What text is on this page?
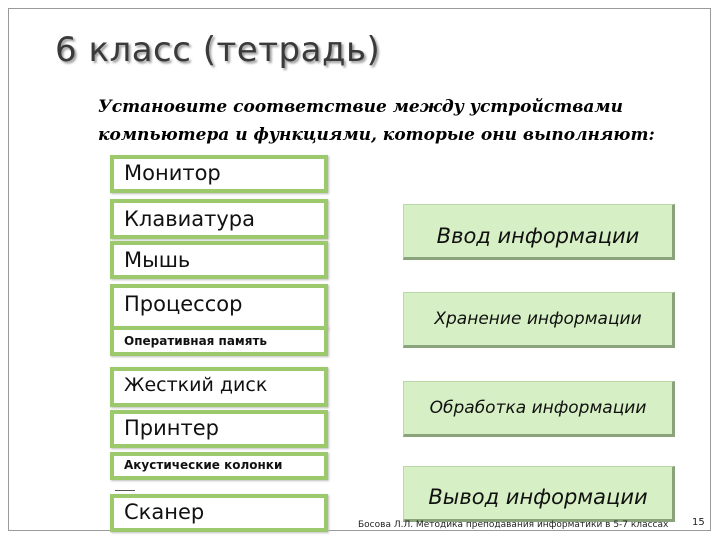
6 класс (тетрадь)
Установите соответствие между устройствами
компьютера и функциями, которые они выполняют:
Монитор
Клавиатура
Мышь
Процессор
Оперативная память
Жесткий диск
Принтер
Акустические колонки
Сканер
Ввод информации
Хранение информации
Обработка информации
Вывод информации
Босова Л.Л. Методика преподавания информатики в 5-7 классах 15
